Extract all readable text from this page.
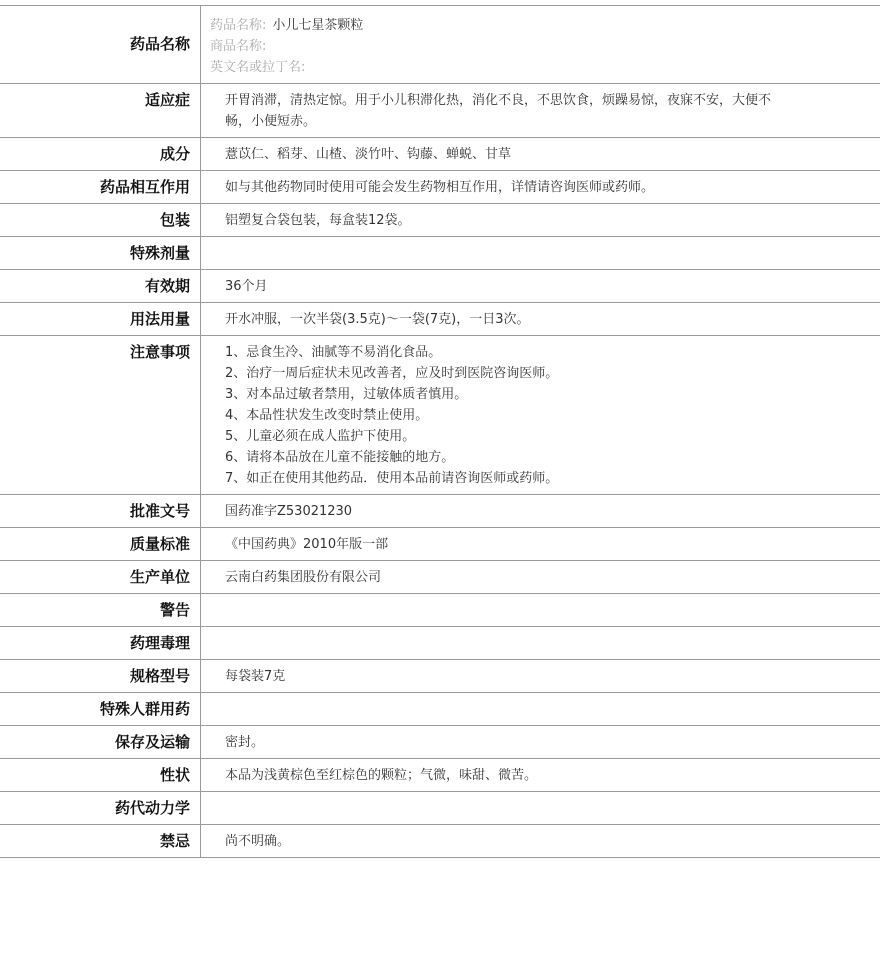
药品名称
药品名称: 小儿七星茶颗粒
商品名称:
英文名或拉丁名:
适应症	开胃消滞，清热定惊。用于小儿积滞化热，消化不良，不思饮食，烦躁易惊，夜寐不安，大便不畅，小便短赤。
成分	薏苡仁、稻芽、山楂、淡竹叶、钩藤、蝉蜕、甘草
药品相互作用	如与其他药物同时使用可能会发生药物相互作用，详情请咨询医师或药师。
包装	铝塑复合袋包装，每盒装12袋。
特殊剂量
有效期	36个月
用法用量	开水冲服，一次半袋(3.5克)～一袋(7克)，一日3次。
注意事项	1、忌食生冷、油腻等不易消化食品。
2、治疗一周后症状未见改善者，应及时到医院咨询医师。
3、对本品过敏者禁用，过敏体质者慎用。
4、本品性状发生改变时禁止使用。
5、儿童必须在成人监护下使用。
6、请将本品放在儿童不能接触的地方。
7、如正在使用其他药品．使用本品前请咨询医师或药师。
批准文号	国药准字Z53021230
质量标准	《中国药典》2010年版一部
生产单位	云南白药集团股份有限公司
警告
药理毒理
规格型号	每袋装7克
特殊人群用药
保存及运输	密封。
性状	本品为浅黄棕色至红棕色的颗粒；气微，味甜、微苦。
药代动力学
禁忌	尚不明确。
